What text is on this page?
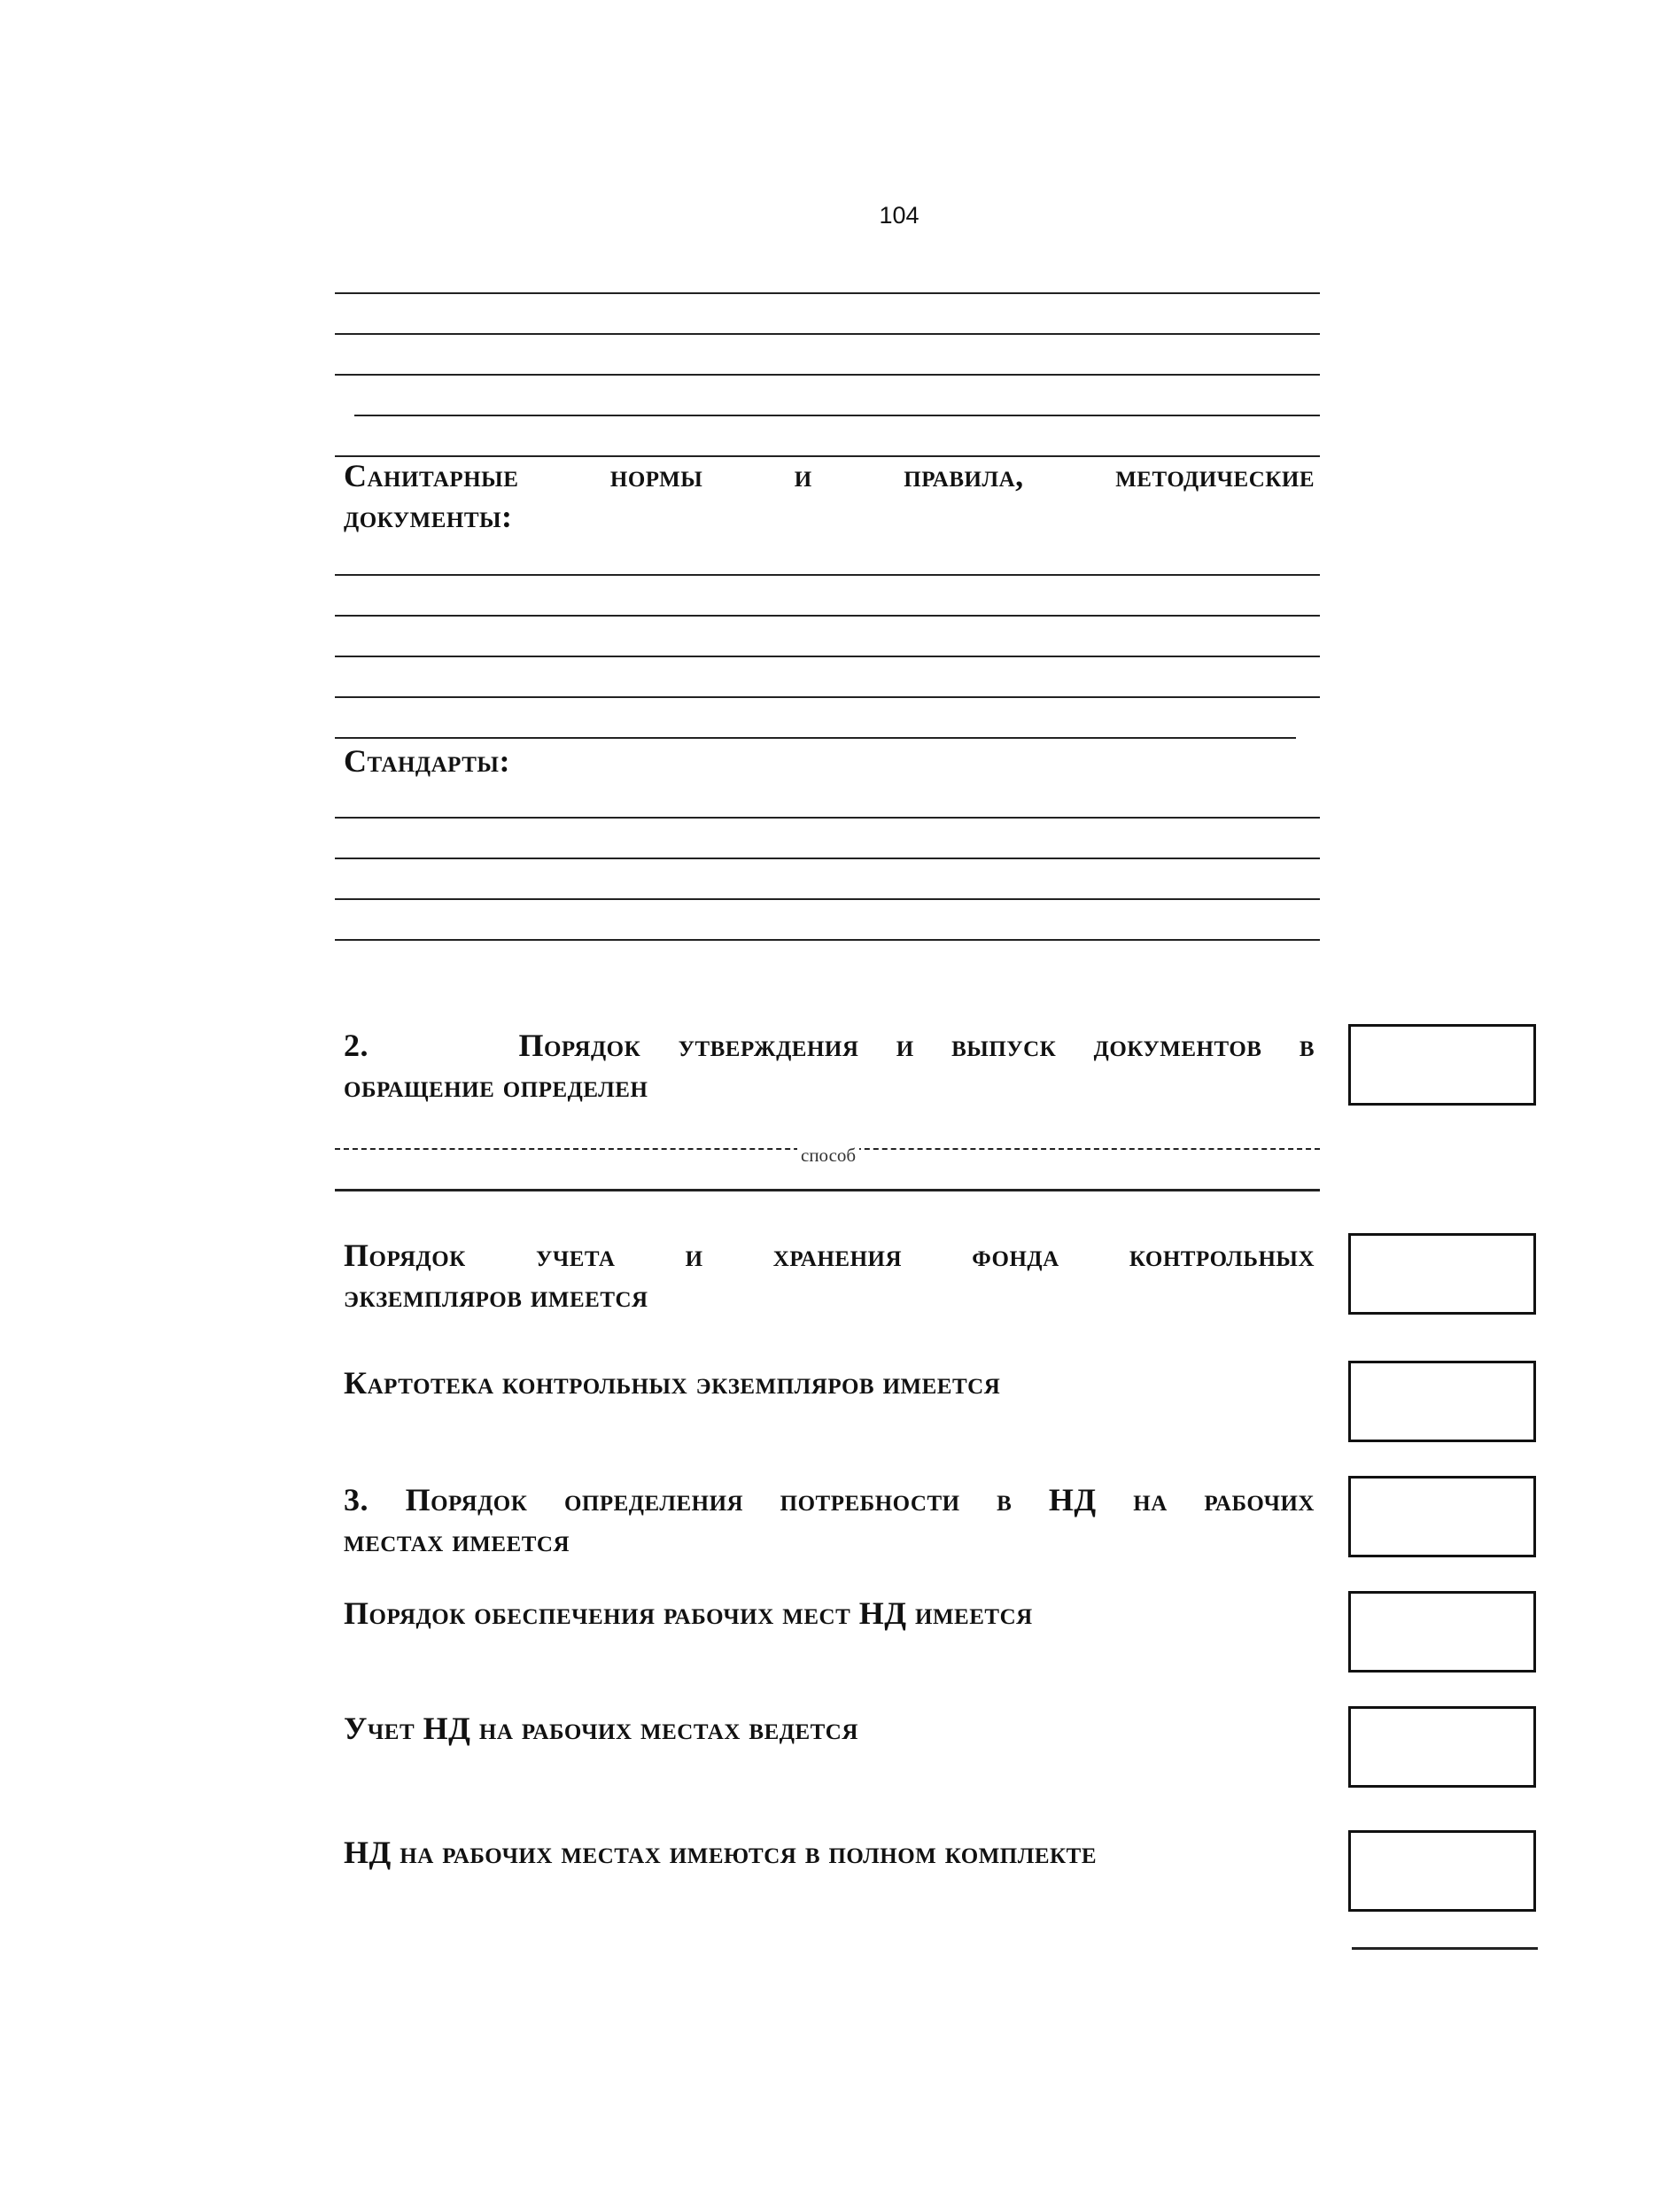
104
Санитарные нормы и правила, методические
документы:
Стандарты:
2.    Порядок утверждения и выпуск документов в
обращение определен
способ
Порядок учета и хранения фонда контрольных
экземпляров имеется
Картотека контрольных экземпляров имеется
3. Порядок определения потребности в НД на рабочих
местах имеется
Порядок обеспечения рабочих мест НД имеется
Учет НД на рабочих местах ведется
НД на рабочих местах имеются в полном комплекте
